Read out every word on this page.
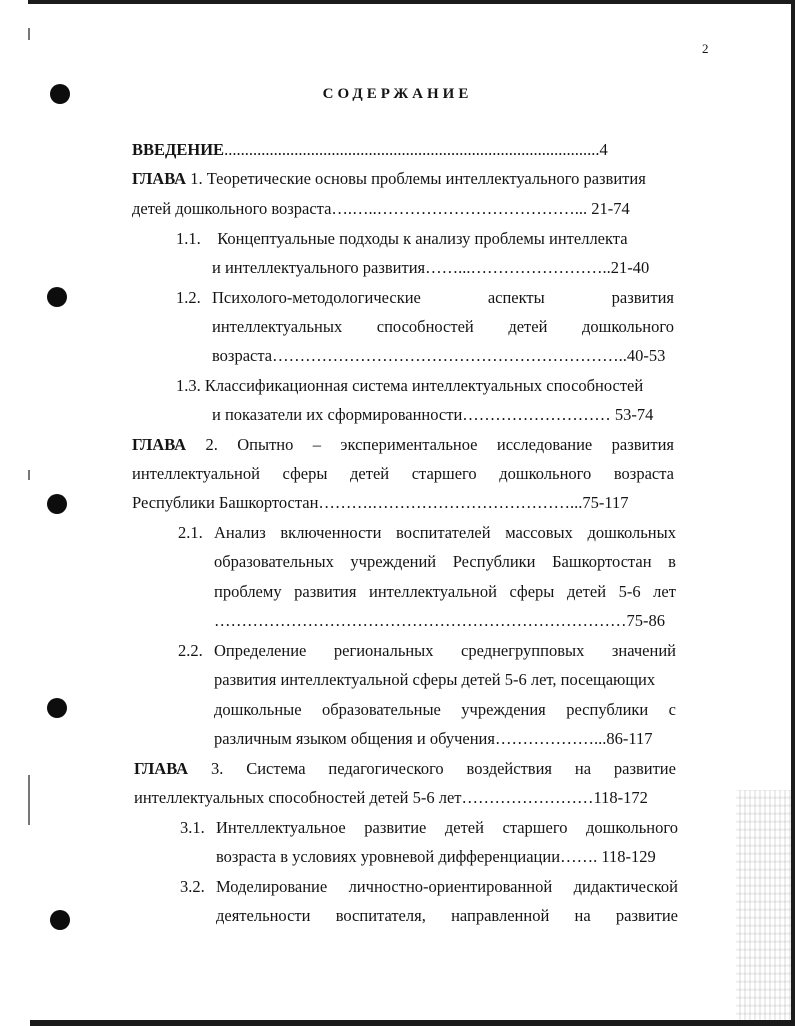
2
СОДЕРЖАНИЕ
ВВЕДЕНИЕ...........................................................................................4
ГЛАВА 1. Теоретические основы проблемы интеллектуального развития
детей дошкольного возраста….…..………………………………... 21-74
1.1. Концептуальные подходы к анализу проблемы интеллекта
и интеллектуального развития……...……………………..21-40
1.2. Психолого-методологические	аспекты	развития
интеллектуальных способностей детей дошкольного
возраста………………………………………………………..40-53
1.3. Классификационная система интеллектуальных способностей
и показатели их сформированности……………………… 53-74
ГЛАВА 2. Опытно – экспериментальное исследование развития
интеллектуальной сферы детей старшего дошкольного возраста
Республики Башкортостан……….………………………………...75-117
2.1. Анализ включенности воспитателей массовых дошкольных
образовательных учреждений Республики Башкортостан в
проблему развития интеллектуальной сферы детей 5-6 лет
…………………………………………………………………75-86
2.2. Определение региональных среднегрупповых значений
развития интеллектуальной сферы детей 5-6 лет, посещающих
дошкольные образовательные учреждения республики с
различным языком общения и обучения………………...86-117
ГЛАВА 3. Система педагогического воздействия на развитие
интеллектуальных способностей детей 5-6 лет……………………118-172
3.1. Интеллектуальное развитие детей старшего дошкольного
возраста в условиях уровневой дифференциации……. 118-129
3.2. Моделирование личностно-ориентированной дидактической
деятельности воспитателя, направленной на развитие
